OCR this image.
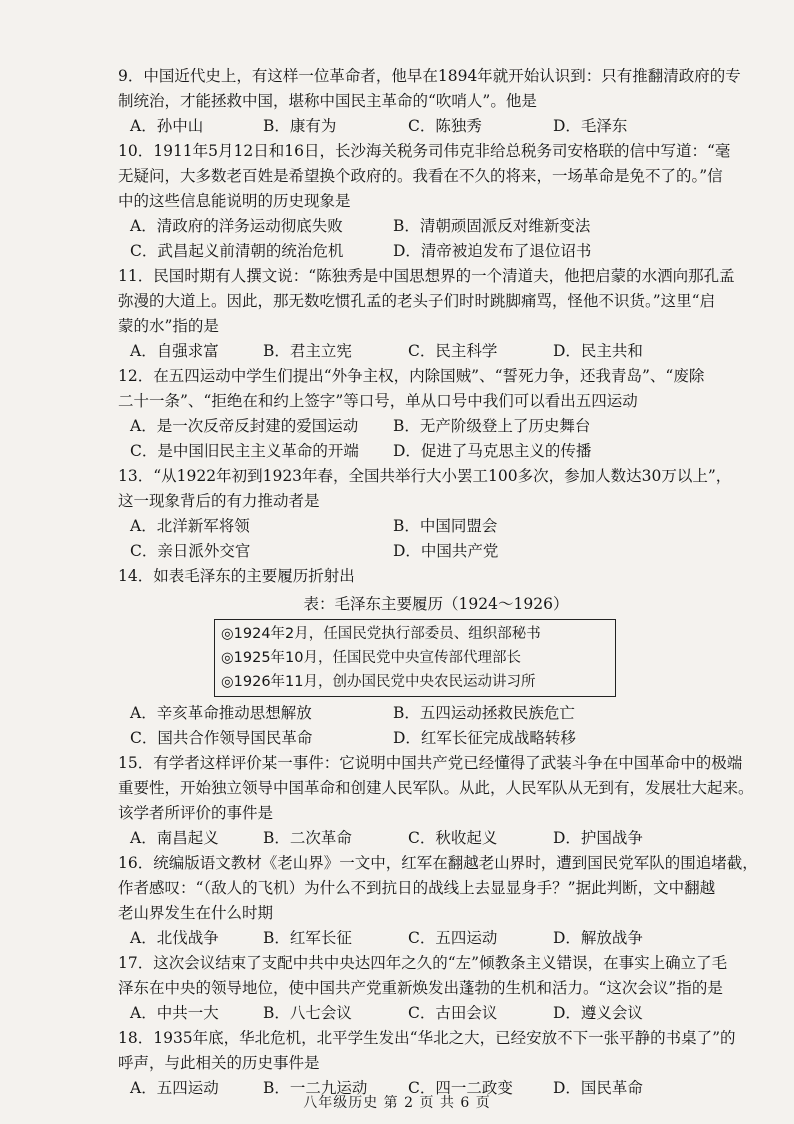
9．中国近代史上，有这样一位革命者，他早在1894年就开始认识到：只有推翻清政府的专
制统治，才能拯救中国，堪称中国民主革命的“吹哨人”。他是
A．孙中山	B．康有为	C．陈独秀	D．毛泽东
10．1911年5月12日和16日，长沙海关税务司伟克非给总税务司安格联的信中写道：“毫
无疑问，大多数老百姓是希望换个政府的。我看在不久的将来，一场革命是免不了的。”信
中的这些信息能说明的历史现象是
A．清政府的洋务运动彻底失败	B．清朝顽固派反对维新变法
C．武昌起义前清朝的统治危机	D．清帝被迫发布了退位诏书
11．民国时期有人撰文说：“陈独秀是中国思想界的一个清道夫，他把启蒙的水洒向那孔孟
弥漫的大道上。因此，那无数吃惯孔孟的老头子们时时跳脚痛骂，怪他不识货。”这里“启
蒙的水”指的是
A．自强求富	B．君主立宪	C．民主科学	D．民主共和
12．在五四运动中学生们提出“外争主权，内除国贼”、“誓死力争，还我青岛”、“废除
二十一条”、“拒绝在和约上签字”等口号，单从口号中我们可以看出五四运动
A．是一次反帝反封建的爱国运动	B．无产阶级登上了历史舞台
C．是中国旧民主主义革命的开端	D．促进了马克思主义的传播
13．“从1922年初到1923年春，全国共举行大小罢工100多次，参加人数达30万以上”，
这一现象背后的有力推动者是
A．北洋新军将领	B．中国同盟会
C．亲日派外交官	D．中国共产党
14．如表毛泽东的主要履历折射出
表：毛泽东主要履历（1924～1926）
◎1924年2月，任国民党执行部委员、组织部秘书
◎1925年10月，任国民党中央宣传部代理部长
◎1926年11月，创办国民党中央农民运动讲习所
A．辛亥革命推动思想解放	B．五四运动拯救民族危亡
C．国共合作领导国民革命	D．红军长征完成战略转移
15．有学者这样评价某一事件：它说明中国共产党已经懂得了武装斗争在中国革命中的极端
重要性，开始独立领导中国革命和创建人民军队。从此，人民军队从无到有，发展壮大起来。
该学者所评价的事件是
A．南昌起义	B．二次革命	C．秋收起义	D．护国战争
16．统编版语文教材《老山界》一文中，红军在翻越老山界时，遭到国民党军队的围追堵截，
作者感叹：“（敌人的飞机）为什么不到抗日的战线上去显显身手？”据此判断，文中翻越
老山界发生在什么时期
A．北伐战争	B．红军长征	C．五四运动	D．解放战争
17．这次会议结束了支配中共中央达四年之久的“左”倾教条主义错误，在事实上确立了毛
泽东在中央的领导地位，使中国共产党重新焕发出蓬勃的生机和活力。“这次会议”指的是
A．中共一大	B．八七会议	C．古田会议	D．遵义会议
18．1935年底，华北危机，北平学生发出“华北之大，已经安放不下一张平静的书桌了”的
呼声，与此相关的历史事件是
A．五四运动	B．一二九运动	C．四一二政变	D．国民革命
八年级历史 第 2 页 共 6 页
